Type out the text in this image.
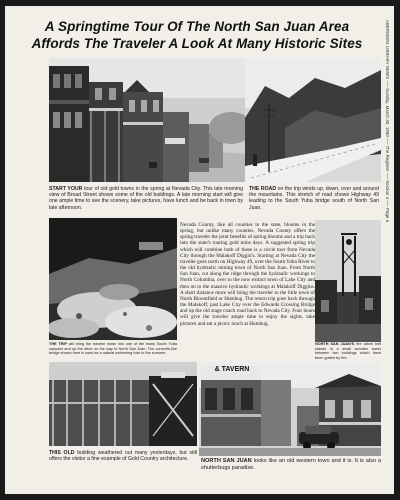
A Springtime Tour Of The North San Juan Area
Affords The Traveler A Look At Many Historic Sites	ABERDEEN LIBRARY NEWS ── Sunday, March 30, 1980 ── The Register ── Section 4 ── Page 5
START YOUR tour of old gold towns in the spring at Nevada City. This late morning view of Broad Street shows some of the old buildings. A late morning start will give one ample time to see the scenery, take pictures, have lunch and be back in town by late afternoon.
THE ROAD on the trip winds up, down, over and around the mountains. This stretch of road shows Highway 49 leading to the South Yuba bridge south of North San Juan.
THE TRIP will bring the traveler down into one of the many South Yuba canyons and up the other on the way to North San Juan. The concrete-like bridge shown here is used as a natural swimming hole in the summer.
Nevada County, like all counties in the state, blooms in the spring, but unlike many counties, Nevada County offers the spring traveler the joint benefits of spring blooms and a trip back into the state's roaring gold mine days. A suggested spring trip which will combine both of these is a circle tour from Nevada City through the Malakoff Diggin's. Starting at Nevada City the traveler goes north on Highway 49, over the South Yuba River to the old hydraulic mining town of North San Juan. From North San Juan, cut along the ridge through the hydraulic workings to North Columbia, over to the now extinct town of Lake City and then on to the massive hydraulic workings at Malakoff Diggins. A short distance more will bring the traveler to the little town of North Bloomfield or Humbug. The return trip goes back through the Malakoff, past Lake City over the Edwards Crossing Bridge and up the old stage coach road back to Nevada City. Four hours will give the traveler ample time to enjoy the sights, take pictures and eat a picnic lunch at Humbug.
NORTH SAN JUAN'S fire alarm bell stands in a small wooden tower between two buildings which have been gutted by fire.
& TAVERN
THIS OLD building weathered out many yesterdays, but still offers the visitor a fine example of Gold Country architecture.	NORTH SAN JUAN looks like an old western town and it is. It is also a shutterbugs paradise.
